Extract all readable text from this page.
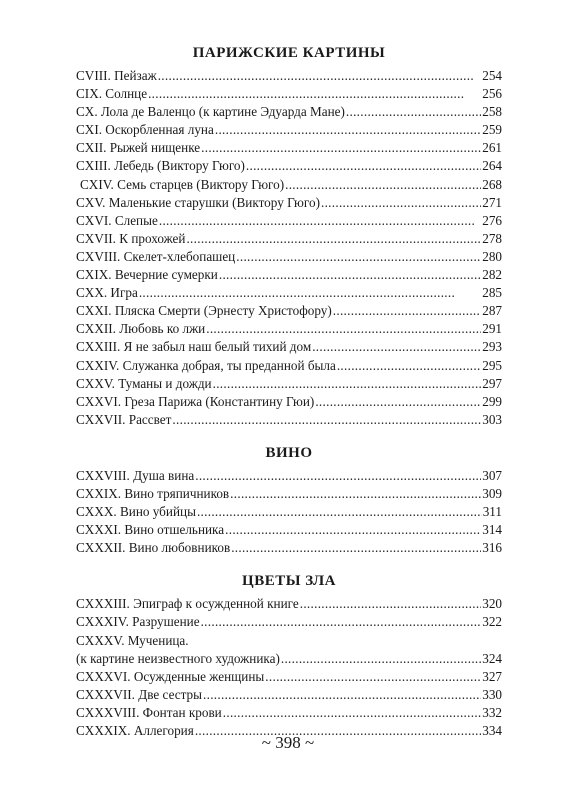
ПАРИЖСКИЕ КАРТИНЫ
CVIII. Пейзаж . . .	254
CIX. Солнце . . .	256
CX. Лола де Валенцо (к картине Эдуарда Мане) . . .	258
CXI. Оскорбленная луна . . .	259
CXII. Рыжей нищенке . . .	261
CXIII. Лебедь (Виктору Гюго) . . .	264
CXIV. Семь старцев (Виктору Гюго) . . .	268
CXV. Маленькие старушки (Виктору Гюго) . . .	271
CXVI. Слепые . . .	276
CXVII. К прохожей . . .	278
CXVIII. Скелет-хлебопашец . . .	280
CXIX. Вечерние сумерки . . .	282
CXX. Игра . . .	285
CXXI. Пляска Смерти (Эрнесту Христофору) . . .	287
CXXII. Любовь ко лжи . . .	291
CXXIII. Я не забыл наш белый тихий дом . . .	293
CXXIV. Служанка добрая, ты преданной была . . .	295
CXXV. Туманы и дожди . . .	297
CXXVI. Греза Парижа (Константину Гюи) . . .	299
CXXVII. Рассвет . . .	303
ВИНО
CXXVIII. Душа вина . . .	307
CXXIX. Вино тряпичников . . .	309
CXXX. Вино убийцы . . .	311
CXXXI. Вино отшельника . . .	314
CXXXII. Вино любовников . . .	316
ЦВЕТЫ ЗЛА
CXXXIII. Эпиграф к осужденной книге . . .	320
CXXXIV. Разрушение . . .	322
CXXXV. Мученица.
(к картине неизвестного художника) . . .	324
CXXXVI. Осужденные женщины . . .	327
CXXXVII. Две сестры . . .	330
CXXXVIII. Фонтан крови . . .	332
CXXXIX. Аллегория . . .	334
~ 398 ~
